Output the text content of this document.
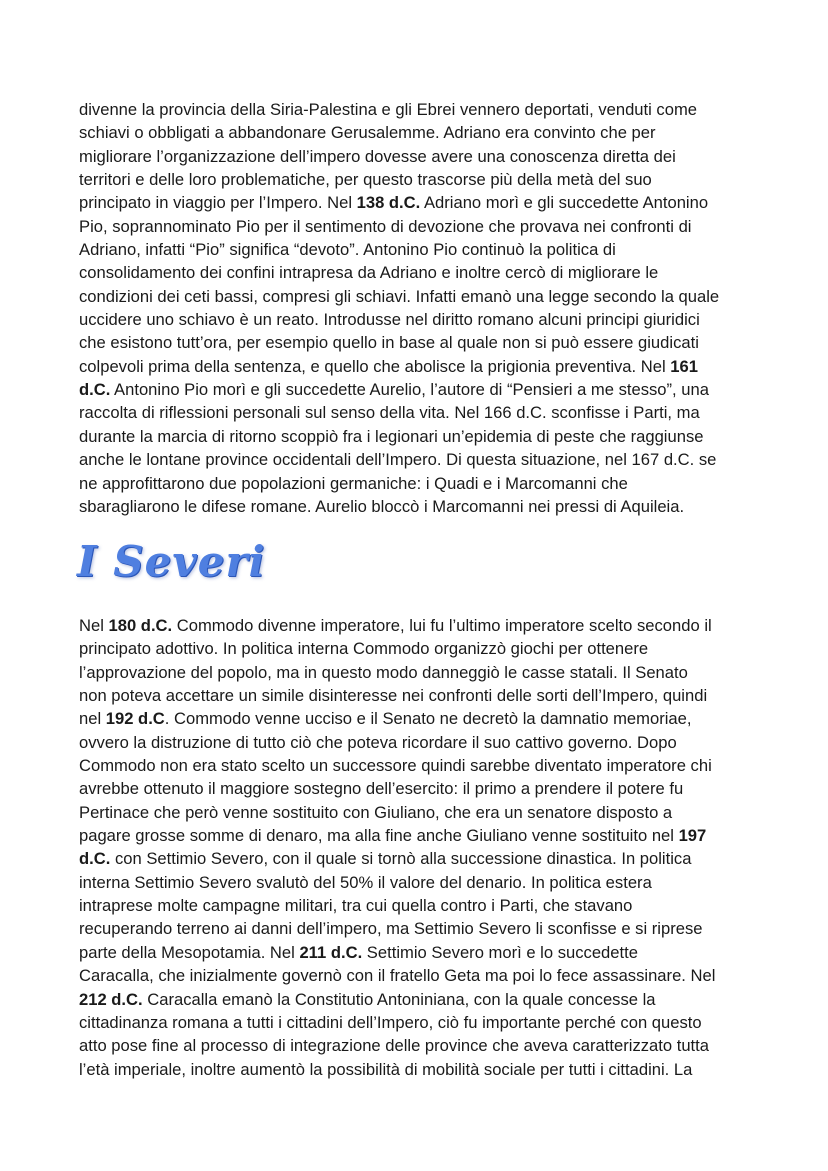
divenne la provincia della Siria-Palestina e gli Ebrei vennero deportati, venduti come
schiavi o obbligati a abbandonare Gerusalemme. Adriano era convinto che per
migliorare l’organizzazione dell’impero dovesse avere una conoscenza diretta dei
territori e delle loro problematiche, per questo trascorse più della metà del suo
principato in viaggio per l’Impero. Nel 138 d.C. Adriano morì e gli succedette Antonino
Pio, soprannominato Pio per il sentimento di devozione che provava nei confronti di
Adriano, infatti “Pio” significa “devoto”. Antonino Pio continuò la politica di
consolidamento dei confini intrapresa da Adriano e inoltre cercò di migliorare le
condizioni dei ceti bassi, compresi gli schiavi. Infatti emanò una legge secondo la quale
uccidere uno schiavo è un reato. Introdusse nel diritto romano alcuni principi giuridici
che esistono tutt’ora, per esempio quello in base al quale non si può essere giudicati
colpevoli prima della sentenza, e quello che abolisce la prigionia preventiva. Nel 161
d.C. Antonino Pio morì e gli succedette Aurelio, l’autore di “Pensieri a me stesso”, una
raccolta di riflessioni personali sul senso della vita. Nel 166 d.C. sconfisse i Parti, ma
durante la marcia di ritorno scoppiò fra i legionari un’epidemia di peste che raggiunse
anche le lontane province occidentali dell’Impero. Di questa situazione, nel 167 d.C. se
ne approfittarono due popolazioni germaniche: i Quadi e i Marcomanni che
sbaragliarono le difese romane. Aurelio bloccò i Marcomanni nei pressi di Aquileia.
I Severi
Nel 180 d.C. Commodo divenne imperatore, lui fu l’ultimo imperatore scelto secondo il
principato adottivo. In politica interna Commodo organizzò giochi per ottenere
l’approvazione del popolo, ma in questo modo danneggiò le casse statali. Il Senato
non poteva accettare un simile disinteresse nei confronti delle sorti dell’Impero, quindi
nel 192 d.C. Commodo venne ucciso e il Senato ne decretò la damnatio memoriae,
ovvero la distruzione di tutto ciò che poteva ricordare il suo cattivo governo. Dopo
Commodo non era stato scelto un successore quindi sarebbe diventato imperatore chi
avrebbe ottenuto il maggiore sostegno dell’esercito: il primo a prendere il potere fu
Pertinace che però venne sostituito con Giuliano, che era un senatore disposto a
pagare grosse somme di denaro, ma alla fine anche Giuliano venne sostituito nel 197
d.C. con Settimio Severo, con il quale si tornò alla successione dinastica. In politica
interna Settimio Severo svalutò del 50% il valore del denario. In politica estera
intraprese molte campagne militari, tra cui quella contro i Parti, che stavano
recuperando terreno ai danni dell’impero, ma Settimio Severo li sconfisse e si riprese
parte della Mesopotamia. Nel 211 d.C. Settimio Severo morì e lo succedette
Caracalla, che inizialmente governò con il fratello Geta ma poi lo fece assassinare. Nel
212 d.C. Caracalla emanò la Constitutio Antoniniana, con la quale concesse la
cittadinanza romana a tutti i cittadini dell’Impero, ciò fu importante perché con questo
atto pose fine al processo di integrazione delle province che aveva caratterizzato tutta
l’età imperiale, inoltre aumentò la possibilità di mobilità sociale per tutti i cittadini. La
